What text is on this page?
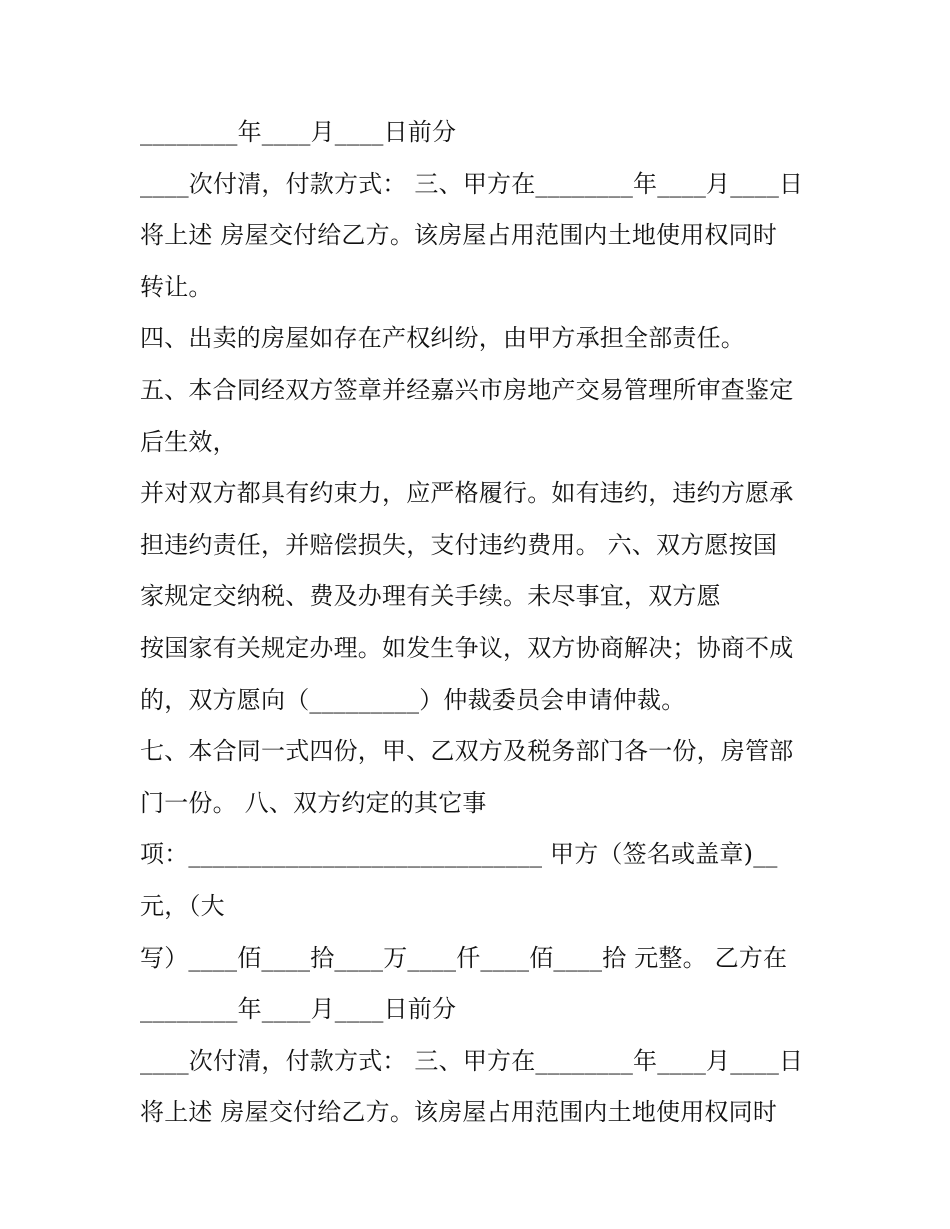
________年____月____日前分
____次付清，付款方式： 三、甲方在________年____月____日
将上述 房屋交付给乙方。该房屋占用范围内土地使用权同时
转让。
四、出卖的房屋如存在产权纠纷，由甲方承担全部责任。
五、本合同经双方签章并经嘉兴市房地产交易管理所审查鉴定
后生效，
并对双方都具有约束力，应严格履行。如有违约，违约方愿承
担违约责任，并赔偿损失，支付违约费用。 六、双方愿按国
家规定交纳税、费及办理有关手续。未尽事宜，双方愿
按国家有关规定办理。如发生争议，双方协商解决；协商不成
的，双方愿向（_________）仲裁委员会申请仲裁。
七、本合同一式四份，甲、乙双方及税务部门各一份，房管部
门一份。 八、双方约定的其它事
项：_____________________________ 甲方（签名或盖章)__
元，（大
写）____佰____拾____万____仟____佰____拾 元整。 乙方在
________年____月____日前分
____次付清，付款方式： 三、甲方在________年____月____日
将上述 房屋交付给乙方。该房屋占用范围内土地使用权同时
